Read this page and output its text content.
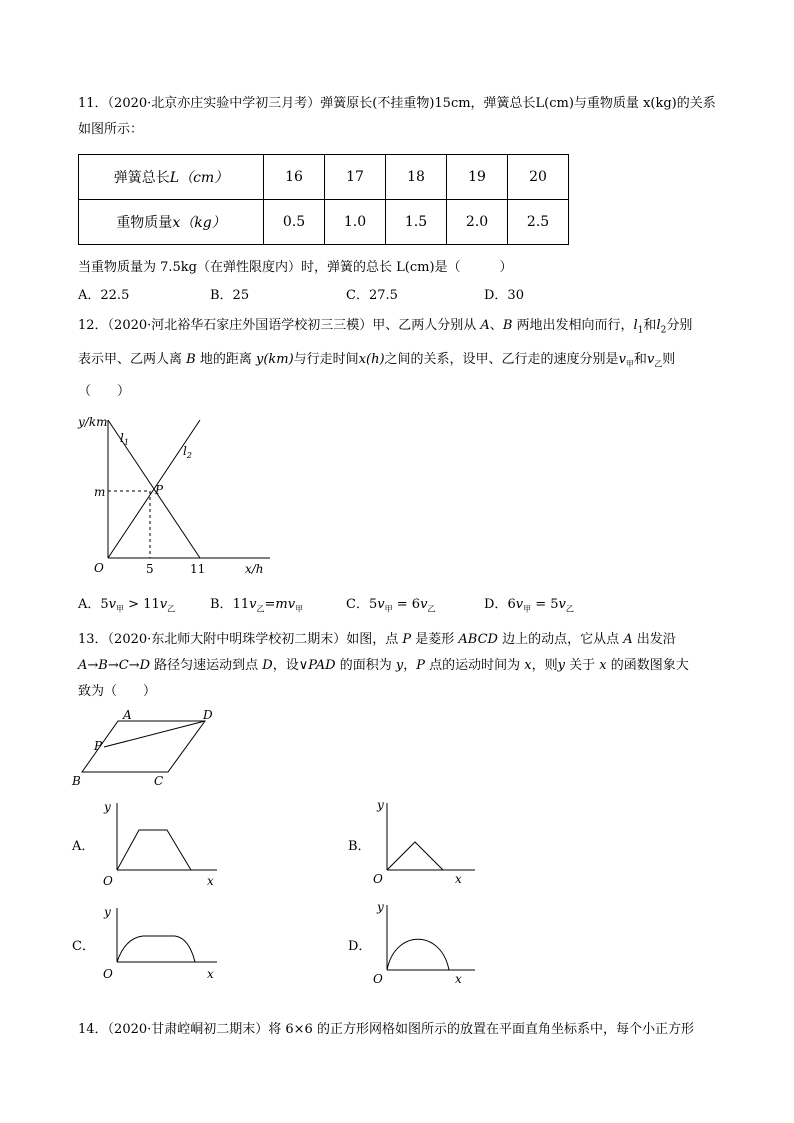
11．（2020·北京亦庄实验中学初三月考）弹簧原长(不挂重物)15cm，弹簧总长L(cm)与重物质量 x(kg)的关系
如图所示：
弹簧总长L（cm）	16	17	18	19	20
重物质量x（kg）	0.5	1.0	1.5	2.0	2.5
当重物质量为 7.5kg（在弹性限度内）时，弹簧的总长 L(cm)是（　　　）
A．22.5	B．25	C．27.5	D．30
12．（2020·河北裕华石家庄外国语学校初三三模）甲、乙两人分别从 A、B 两地出发相向而行，$l_1$和$l_2$分别
表示甲、乙两人离 B 地的距离 y(km)与行走时间x(h)之间的关系，设甲、乙行走的速度分别是$v_甲$和$v_乙$则
（　　）
y/km
x/h
O
m	P
5	11
$l_1$
$l_2$
A．$5v_甲 > 11v_乙$	B．$11v_乙=mv_甲$	C．$5v_甲 = 6v_乙$	D．$6v_甲 = 5v_乙$
13．（2020·东北师大附中明珠学校初二期末）如图，点 P 是菱形 ABCD 边上的动点，它从点 A 出发沿
A→B→C→D 路径匀速运动到点 D，设∨PAD 的面积为 y，P 点的运动时间为 x，则y 关于 x 的函数图象大
致为（　　）
A	D
B	C
P
A．
y
x
O
B．
y
x
O
C．
y
x
O
D．
y
x
O
14．（2020·甘肃崆峒初二期末）将 6×6 的正方形网格如图所示的放置在平面直角坐标系中，每个小正方形
